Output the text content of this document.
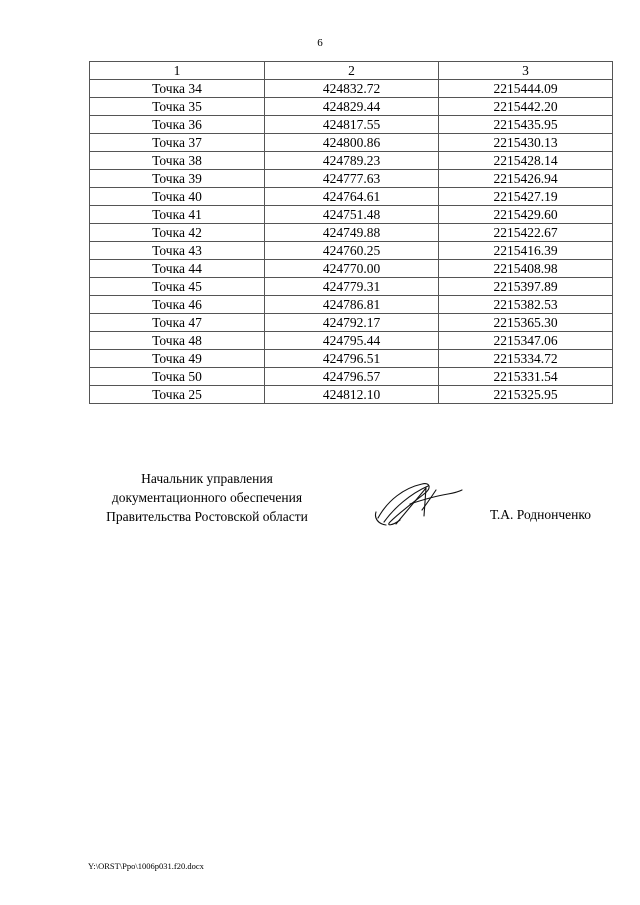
6
1	2	3
Точка 34	424832.72	2215444.09
Точка 35	424829.44	2215442.20
Точка 36	424817.55	2215435.95
Точка 37	424800.86	2215430.13
Точка 38	424789.23	2215428.14
Точка 39	424777.63	2215426.94
Точка 40	424764.61	2215427.19
Точка 41	424751.48	2215429.60
Точка 42	424749.88	2215422.67
Точка 43	424760.25	2215416.39
Точка 44	424770.00	2215408.98
Точка 45	424779.31	2215397.89
Точка 46	424786.81	2215382.53
Точка 47	424792.17	2215365.30
Точка 48	424795.44	2215347.06
Точка 49	424796.51	2215334.72
Точка 50	424796.57	2215331.54
Точка 25	424812.10	2215325.95
Начальник управления
документационного обеспечения
Правительства Ростовской области	Т.А. Роднонченко
Y:\ORST\Ppo\1006p031.f20.docx
